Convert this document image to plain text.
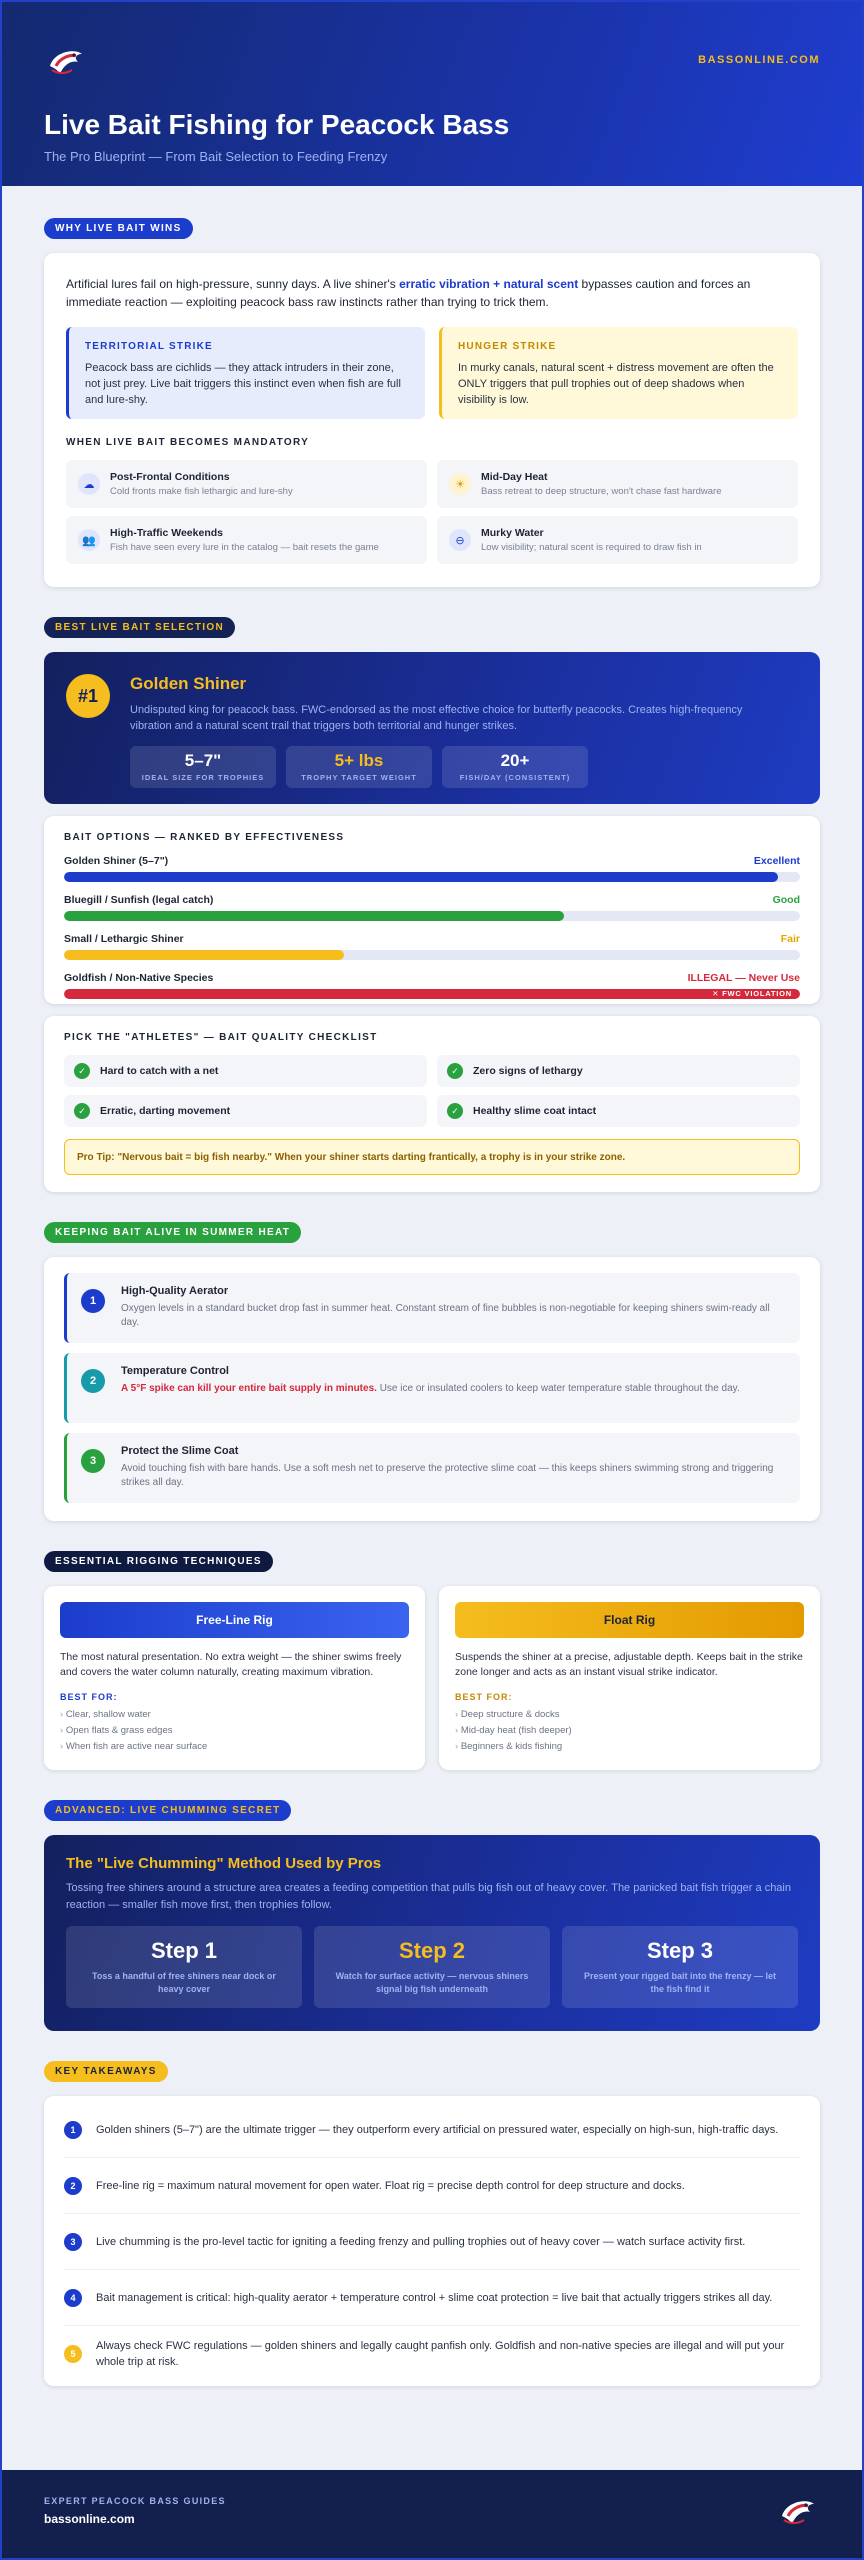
BASSONLINE.COM
Live Bait Fishing for Peacock Bass
The Pro Blueprint — From Bait Selection to Feeding Frenzy
WHY LIVE BAIT WINS

Artificial lures fail on high-pressure, sunny days. A live shiner's erratic vibration + natural scent bypasses caution and forces an immediate reaction — exploiting peacock bass raw instincts rather than trying to trick them.

TERRITORIAL STRIKE

Peacock bass are cichlids — they attack intruders in their zone, not just prey. Live bait triggers this instinct even when fish are full and lure-shy.

HUNGER STRIKE

In murky canals, natural scent + distress movement are often the ONLY triggers that pull trophies out of deep shadows when visibility is low.

WHEN LIVE BAIT BECOMES MANDATORY
☁
Post-Frontal Conditions
Cold fronts make fish lethargic and lure-shy
☀
Mid-Day Heat
Bass retreat to deep structure, won't chase fast hardware
👥
High-Traffic Weekends
Fish have seen every lure in the catalog — bait resets the game
⊖
Murky Water
Low visibility; natural scent is required to draw fish in
BEST LIVE BAIT SELECTION
#1
Golden Shiner

Undisputed king for peacock bass. FWC-endorsed as the most effective choice for butterfly peacocks. Creates high-frequency vibration and a natural scent trail that triggers both territorial and hunger strikes.

5–7"
IDEAL SIZE FOR TROPHIES
5+ lbs
TROPHY TARGET WEIGHT
20+
FISH/DAY (CONSISTENT)
BAIT OPTIONS — RANKED BY EFFECTIVENESS
Golden Shiner (5–7")	Excellent
Bluegill / Sunfish (legal catch)	Good
Small / Lethargic Shiner	Fair
Goldfish / Non-Native Species	ILLEGAL — Never Use
✕ FWC VIOLATION
PICK THE "ATHLETES" — BAIT QUALITY CHECKLIST
✓	Hard to catch with a net	✓	Zero signs of lethargy
✓	Erratic, darting movement	✓	Healthy slime coat intact
Pro Tip: "Nervous bait = big fish nearby." When your shiner starts darting frantically, a trophy is in your strike zone.
KEEPING BAIT ALIVE IN SUMMER HEAT
1
High-Quality Aerator

Oxygen levels in a standard bucket drop fast in summer heat. Constant stream of fine bubbles is non-negotiable for keeping shiners swim-ready all day.

2
Temperature Control

A 5°F spike can kill your entire bait supply in minutes. Use ice or insulated coolers to keep water temperature stable throughout the day.

3
Protect the Slime Coat

Avoid touching fish with bare hands. Use a soft mesh net to preserve the protective slime coat — this keeps shiners swimming strong and triggering strikes all day.

ESSENTIAL RIGGING TECHNIQUES
Free-Line Rig

The most natural presentation. No extra weight — the shiner swims freely and covers the water column naturally, creating maximum vibration.

BEST FOR:
› Clear, shallow water
› Open flats & grass edges
› When fish are active near surface
Float Rig

Suspends the shiner at a precise, adjustable depth. Keeps bait in the strike zone longer and acts as an instant visual strike indicator.

BEST FOR:
› Deep structure & docks
› Mid-day heat (fish deeper)
› Beginners & kids fishing
ADVANCED: LIVE CHUMMING SECRET
The "Live Chumming" Method Used by Pros

Tossing free shiners around a structure area creates a feeding competition that pulls big fish out of heavy cover. The panicked bait fish trigger a chain reaction — smaller fish move first, then trophies follow.

Step 1
Toss a handful of free shiners near dock or heavy cover
Step 2
Watch for surface activity — nervous shiners signal big fish underneath
Step 3
Present your rigged bait into the frenzy — let the fish find it
KEY TAKEAWAYS
1	Golden shiners (5–7") are the ultimate trigger — they outperform every artificial on pressured water, especially on high-sun, high-traffic days.

2	Free-line rig = maximum natural movement for open water. Float rig = precise depth control for deep structure and docks.

3	Live chumming is the pro-level tactic for igniting a feeding frenzy and pulling trophies out of heavy cover — watch surface activity first.

4	Bait management is critical: high-quality aerator + temperature control + slime coat protection = live bait that actually triggers strikes all day.

5

Always check FWC regulations — golden shiners and legally caught panfish only. Goldfish and non-native species are illegal and will put your whole trip at risk.

EXPERT PEACOCK BASS GUIDES
bassonline.com
